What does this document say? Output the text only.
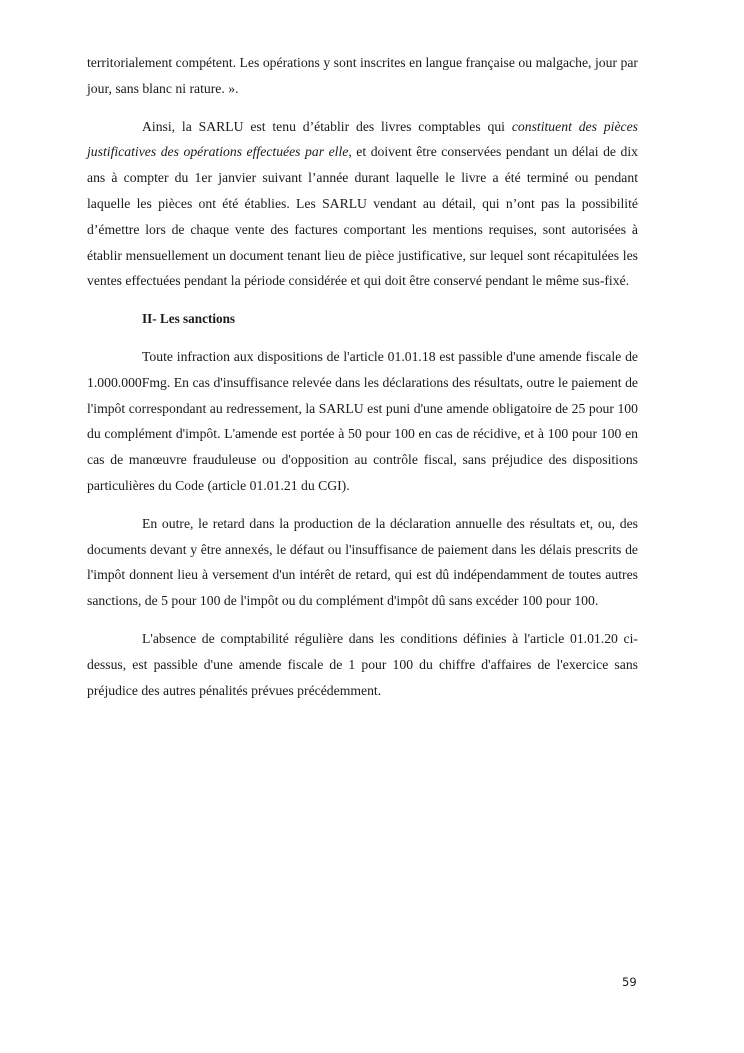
territorialement compétent. Les opérations y sont inscrites en langue française ou malgache, jour par jour, sans blanc ni rature. ».

Ainsi, la SARLU est tenu d’établir des livres comptables qui constituent des pièces justificatives des opérations effectuées par elle, et doivent être conservées pendant un délai de dix ans à compter du 1er janvier suivant l’année durant laquelle le livre a été terminé ou pendant laquelle les pièces ont été établies. Les SARLU vendant au détail, qui n’ont pas la possibilité d’émettre lors de chaque vente des factures comportant les mentions requises, sont autorisées à établir mensuellement un document tenant lieu de pièce justificative, sur lequel sont récapitulées les ventes effectuées pendant la période considérée et qui doit être conservé pendant le même sus-fixé.

II- Les sanctions

Toute infraction aux dispositions de l'article 01.01.18 est passible d'une amende fiscale de 1.000.000Fmg. En cas d'insuffisance relevée dans les déclarations des résultats, outre le paiement de l'impôt correspondant au redressement, la SARLU est puni d'une amende obligatoire de 25 pour 100 du complément d'impôt. L'amende est portée à 50 pour 100 en cas de récidive, et à 100 pour 100 en cas de manœuvre frauduleuse ou d'opposition au contrôle fiscal, sans préjudice des dispositions particulières du Code (article 01.01.21 du CGI).

En outre, le retard dans la production de la déclaration annuelle des résultats et, ou, des documents devant y être annexés, le défaut ou l'insuffisance de paiement dans les délais prescrits de l'impôt donnent lieu à versement d'un intérêt de retard, qui est dû indépendamment de toutes autres sanctions, de 5 pour 100 de l'impôt ou du complément d'impôt dû sans excéder 100 pour 100.

L'absence de comptabilité régulière dans les conditions définies à l'article 01.01.20 ci-dessus, est passible d'une amende fiscale de 1 pour 100 du chiffre d'affaires de l'exercice sans préjudice des autres pénalités prévues précédemment.

59
